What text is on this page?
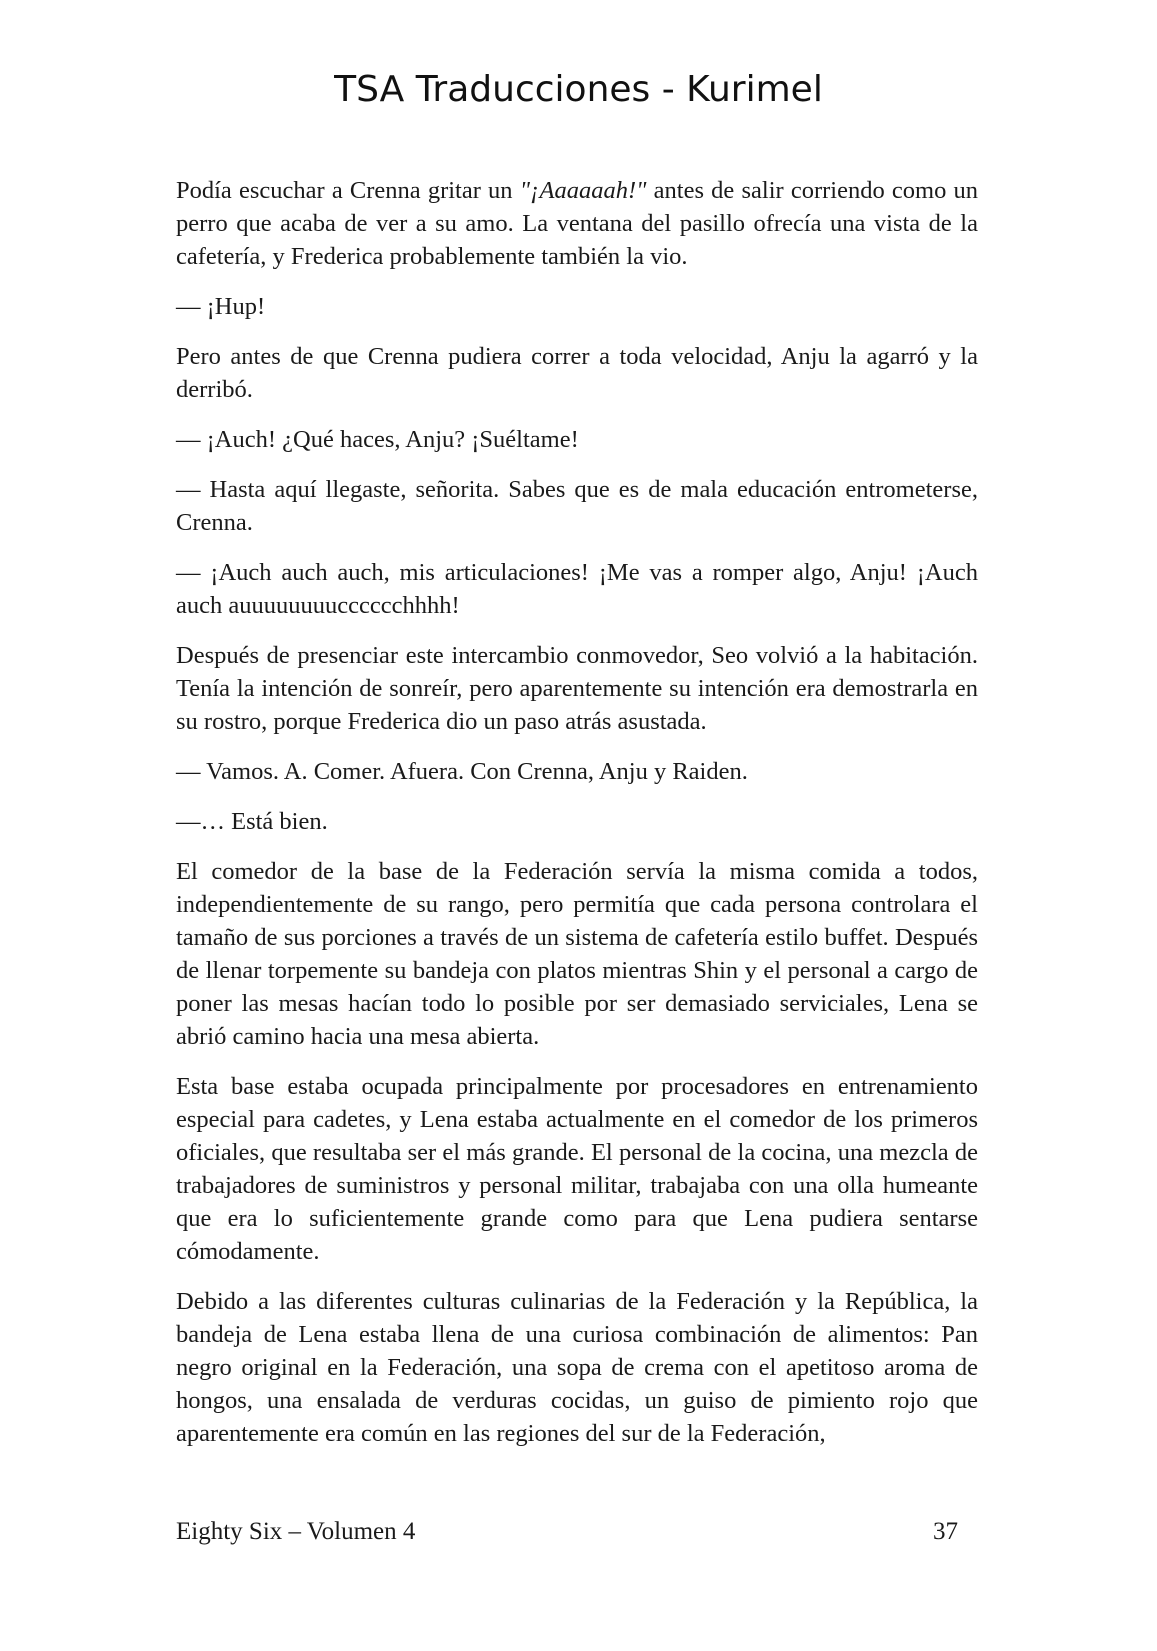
TSA Traducciones - Kurimel

Podía escuchar a Crenna gritar un "¡Aaaaaah!" antes de salir corriendo como un perro que acaba de ver a su amo. La ventana del pasillo ofrecía una vista de la cafetería, y Frederica probablemente también la vio.

— ¡Hup!

Pero antes de que Crenna pudiera correr a toda velocidad, Anju la agarró y la derribó.

— ¡Auch! ¿Qué haces, Anju? ¡Suéltame!

— Hasta aquí llegaste, señorita. Sabes que es de mala educación entrometerse, Crenna.

— ¡Auch auch auch, mis articulaciones! ¡Me vas a romper algo, Anju! ¡Auch auch auuuuuuuucccccchhhh!

Después de presenciar este intercambio conmovedor, Seo volvió a la habitación. Tenía la intención de sonreír, pero aparentemente su intención era demostrarla en su rostro, porque Frederica dio un paso atrás asustada.

— Vamos. A. Comer. Afuera. Con Crenna, Anju y Raiden.

—… Está bien.

El comedor de la base de la Federación servía la misma comida a todos, independientemente de su rango, pero permitía que cada persona controlara el tamaño de sus porciones a través de un sistema de cafetería estilo buffet. Después de llenar torpemente su bandeja con platos mientras Shin y el personal a cargo de poner las mesas hacían todo lo posible por ser demasiado serviciales, Lena se abrió camino hacia una mesa abierta.

Esta base estaba ocupada principalmente por procesadores en entrenamiento especial para cadetes, y Lena estaba actualmente en el comedor de los primeros oficiales, que resultaba ser el más grande. El personal de la cocina, una mezcla de trabajadores de suministros y personal militar, trabajaba con una olla humeante que era lo suficientemente grande como para que Lena pudiera sentarse cómodamente.

Debido a las diferentes culturas culinarias de la Federación y la República, la bandeja de Lena estaba llena de una curiosa combinación de alimentos: Pan negro original en la Federación, una sopa de crema con el apetitoso aroma de hongos, una ensalada de verduras cocidas, un guiso de pimiento rojo que aparentemente era común en las regiones del sur de la Federación,

Eighty Six – Volumen 4	37
